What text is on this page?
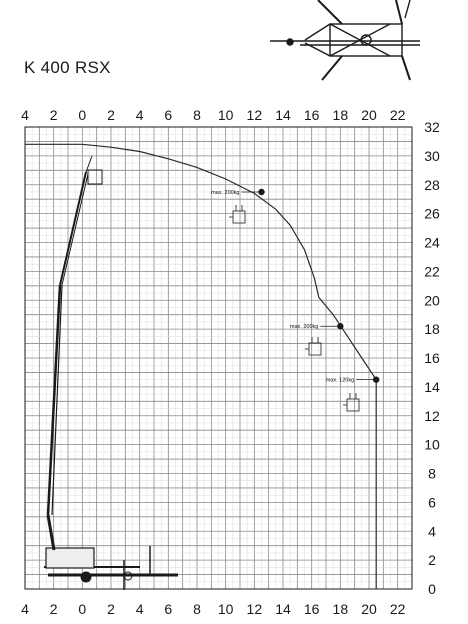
K 400 RSX
4 2 0 2 4 6 8 10 12 14 16 18 20 22
4 2 0 2 4 6 8 10 12 14 16 18 20 22
32
30
28
26
24
22
20
18
16
14
12
10
8
6
4
2
0
max. 200kg
max. 200kg
max. 120kg
